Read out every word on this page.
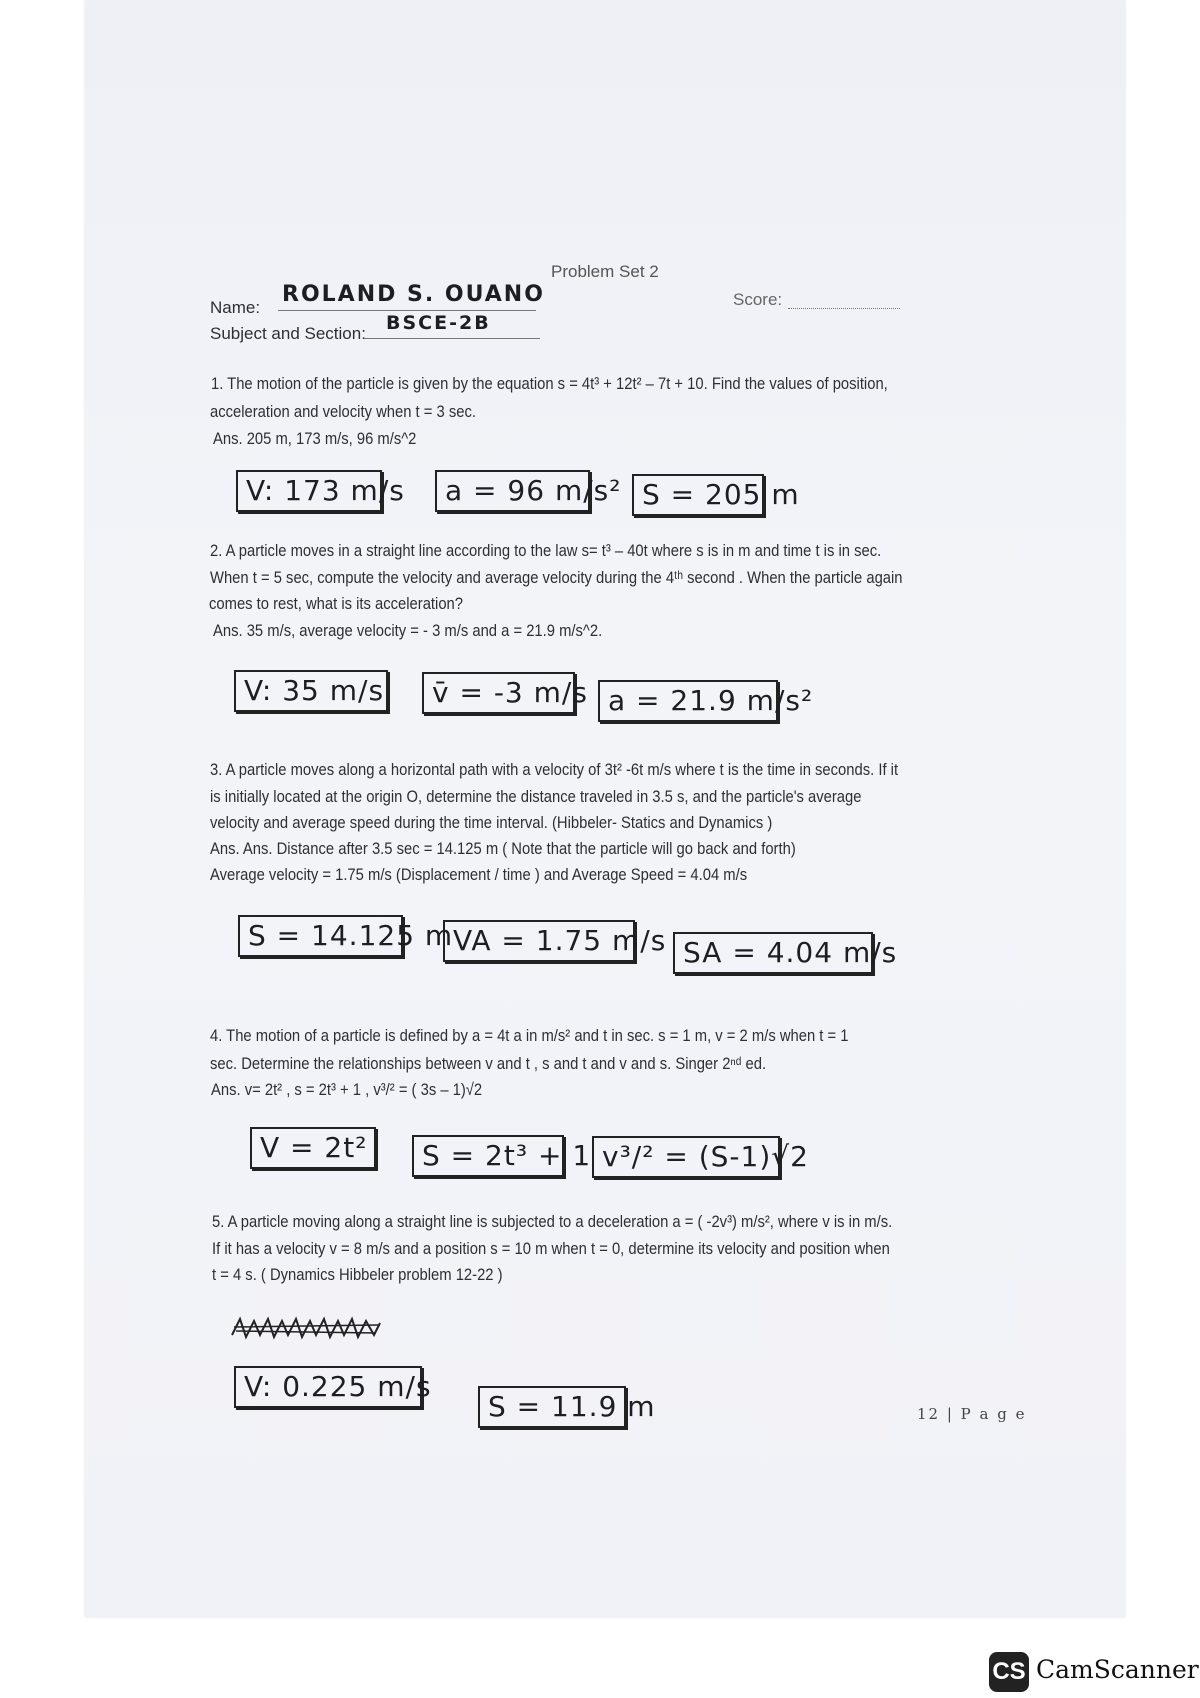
Problem Set 2
Name:
ROLAND S. OUANO	Score:
Subject and Section: BSCE-2B
1. The motion of the particle is given by the equation s = 4t³ + 12t² – 7t + 10. Find the values of position,
acceleration and velocity when t = 3 sec.
Ans. 205 m, 173 m/s, 96 m/s^2
V: 173 m/s	a = 96 m/s² S = 205 m
2. A particle moves in a straight line according to the law s= t³ – 40t where s is in m and time t is in sec.
When t = 5 sec, compute the velocity and average velocity during the 4ᵗʰ second . When the particle again
comes to rest, what is its acceleration?
Ans. 35 m/s, average velocity = - 3 m/s and a = 21.9 m/s^2.
V: 35 m/s	v̄ = -3 m/s a = 21.9 m/s²
3. A particle moves along a horizontal path with a velocity of 3t² -6t m/s where t is the time in seconds. If it
is initially located at the origin O, determine the distance traveled in 3.5 s, and the particle's average
velocity and average speed during the time interval. (Hibbeler- Statics and Dynamics )
Ans. Ans. Distance after 3.5 sec = 14.125 m ( Note that the particle will go back and forth)
Average velocity = 1.75 m/s (Displacement / time ) and Average Speed = 4.04 m/s
S = 14.125 m VA = 1.75 m/s SA = 4.04 m/s
4. The motion of a particle is defined by a = 4t a in m/s² and t in sec. s = 1 m, v = 2 m/s when t = 1
sec. Determine the relationships between v and t , s and t and v and s. Singer 2ⁿᵈ ed.
Ans. v= 2t² , s = 2t³ + 1 , v³/² = ( 3s – 1)√2
V = 2t²	S = 2t³ + 1 v³/² = (S-1)√2
5. A particle moving along a straight line is subjected to a deceleration a = ( -2v³) m/s², where v is in m/s.
If it has a velocity v = 8 m/s and a position s = 10 m when t = 0, determine its velocity and position when
t = 4 s. ( Dynamics Hibbeler problem 12-22 )
V: 0.225 m/s
S = 11.9 m	12 | P a g e
CS CamScanner
